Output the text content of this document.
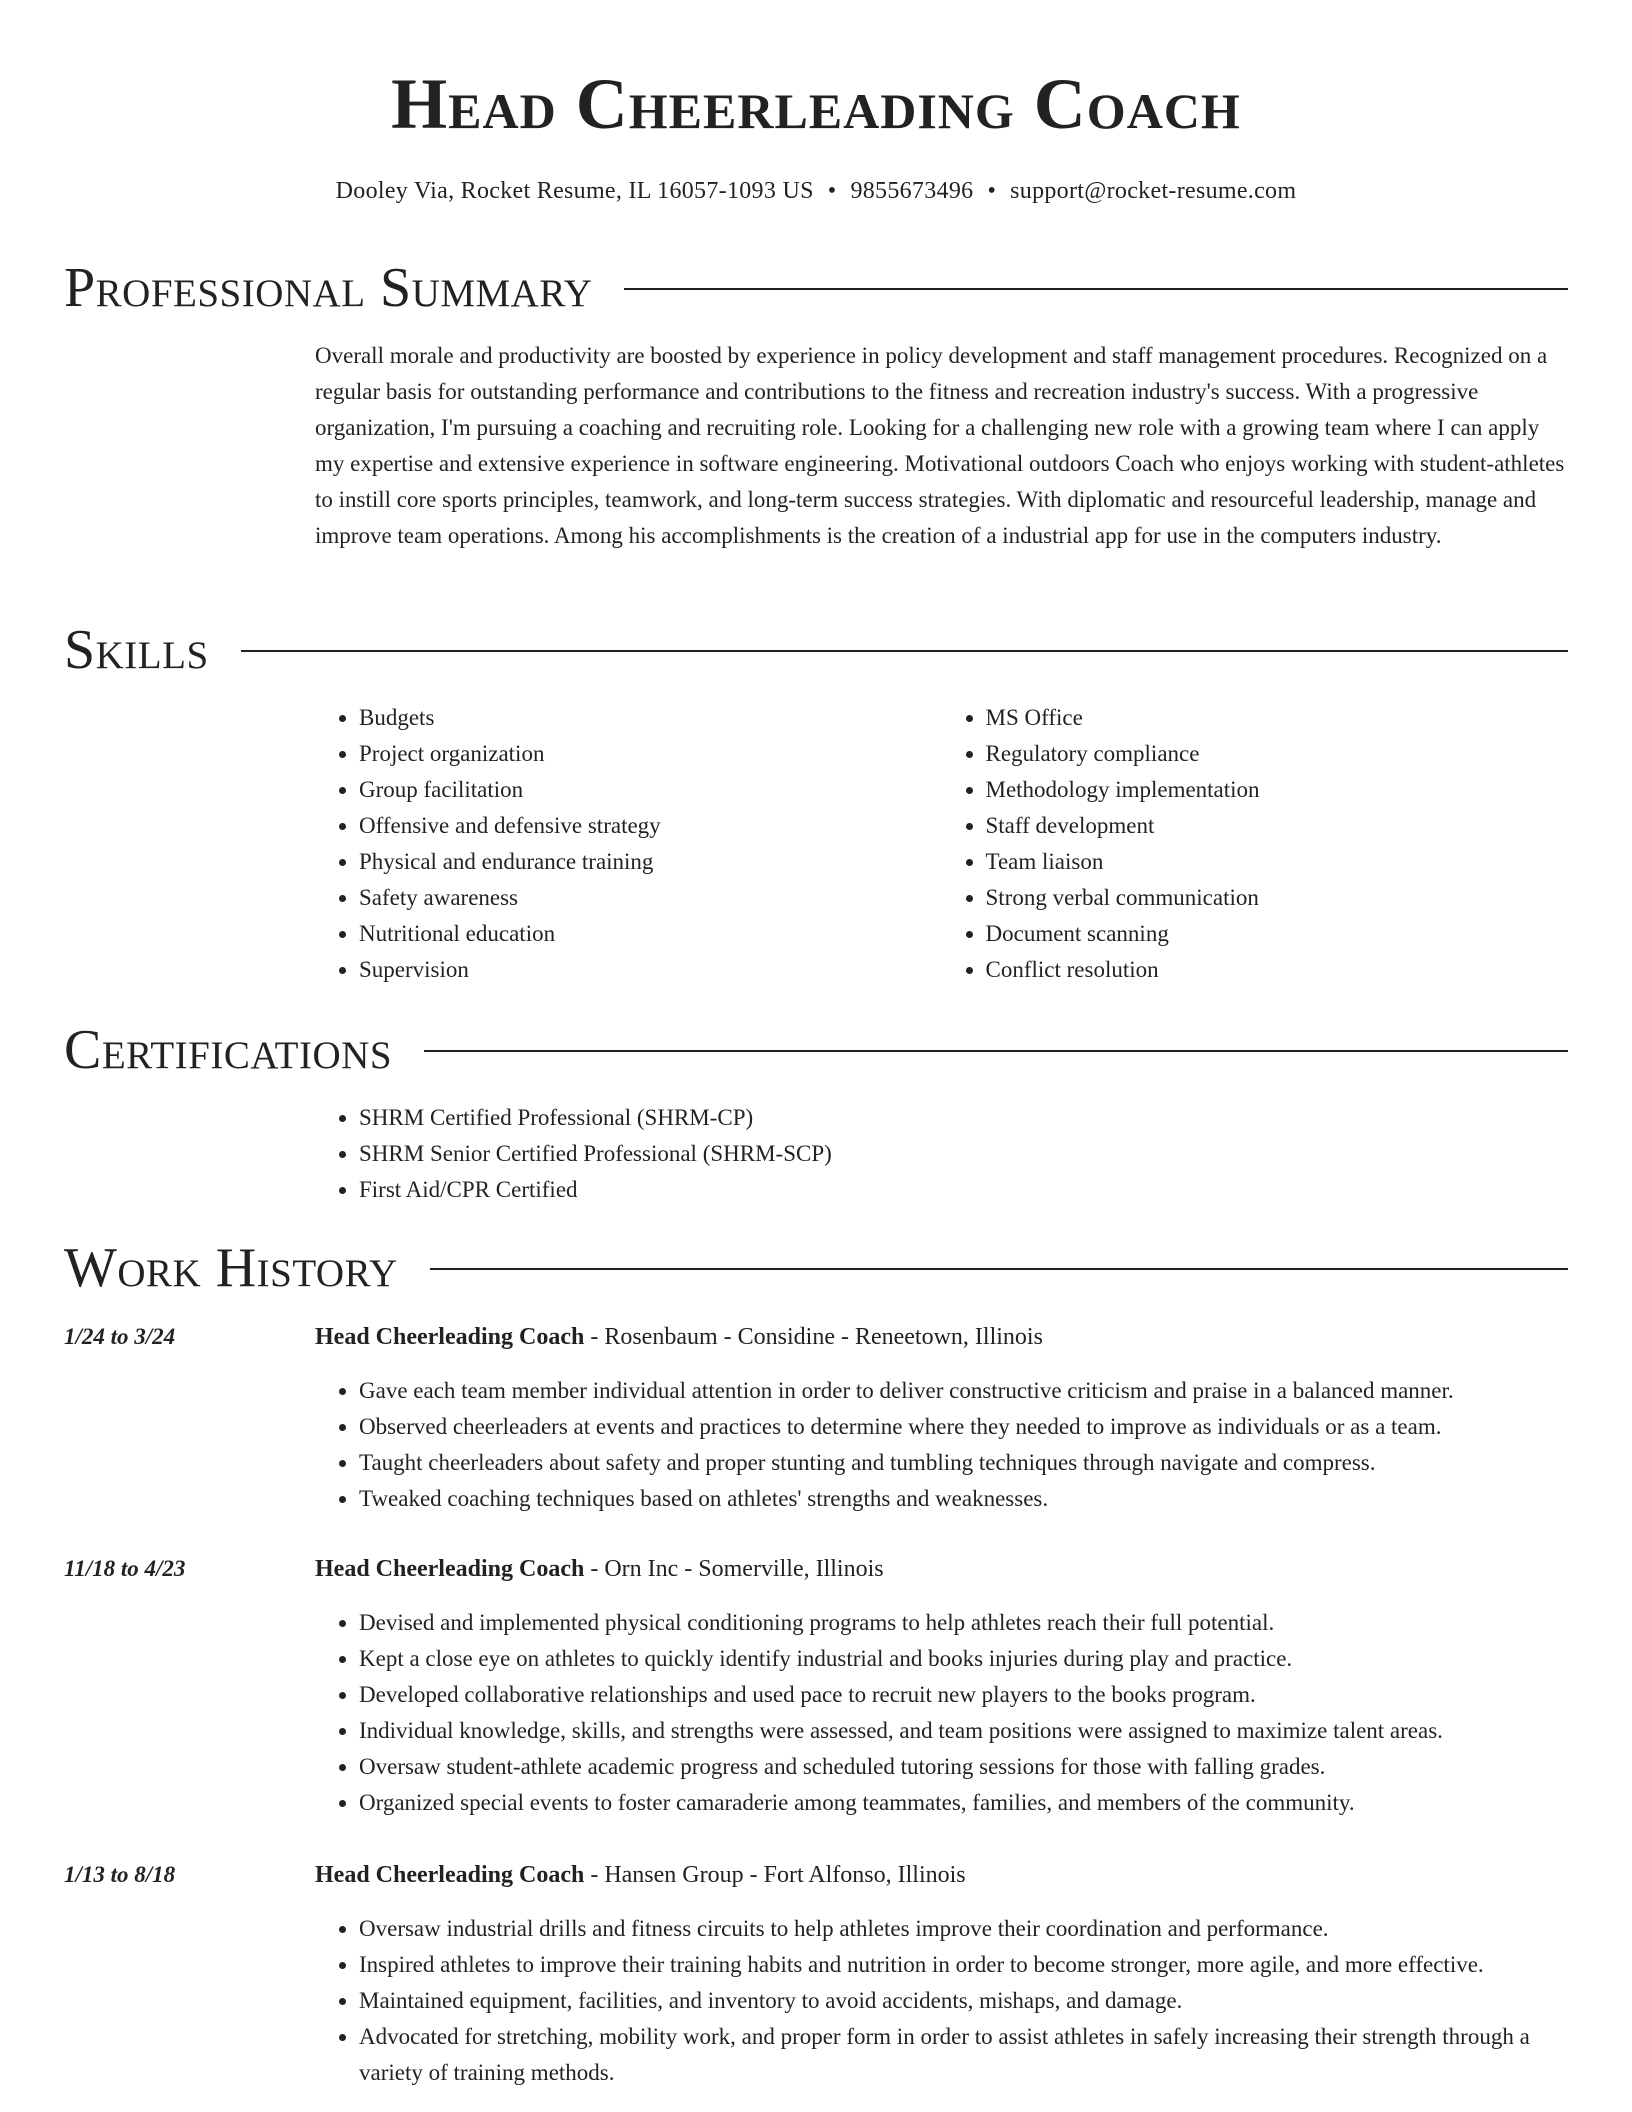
Head Cheerleading Coach
Dooley Via, Rocket Resume, IL 16057-1093 US • 9855673496 • support@rocket-resume.com
Professional Summary

Overall morale and productivity are boosted by experience in policy development and staff management procedures. Recognized on a regular basis for outstanding performance and contributions to the fitness and recreation industry's success. With a progressive organization, I'm pursuing a coaching and recruiting role. Looking for a challenging new role with a growing team where I can apply my expertise and extensive experience in software engineering. Motivational outdoors Coach who enjoys working with student-athletes to instill core sports principles, teamwork, and long-term success strategies. With diplomatic and resourceful leadership, manage and improve team operations. Among his accomplishments is the creation of a industrial app for use in the computers industry.

Skills
• Budgets
• Project organization
• Group facilitation
• Offensive and defensive strategy
• Physical and endurance training
• Safety awareness
• Nutritional education
• Supervision
• MS Office
• Regulatory compliance
• Methodology implementation
• Staff development
• Team liaison
• Strong verbal communication
• Document scanning
• Conflict resolution
Certifications
• SHRM Certified Professional (SHRM-CP)
• SHRM Senior Certified Professional (SHRM-SCP)
• First Aid/CPR Certified
Work History
1/24 to 3/24	Head Cheerleading Coach - Rosenbaum - Considine - Reneetown, Illinois
• Gave each team member individual attention in order to deliver constructive criticism and praise in a balanced manner.
• Observed cheerleaders at events and practices to determine where they needed to improve as individuals or as a team.
• Taught cheerleaders about safety and proper stunting and tumbling techniques through navigate and compress.
• Tweaked coaching techniques based on athletes' strengths and weaknesses.
11/18 to 4/23	Head Cheerleading Coach - Orn Inc - Somerville, Illinois
• Devised and implemented physical conditioning programs to help athletes reach their full potential.
• Kept a close eye on athletes to quickly identify industrial and books injuries during play and practice.
• Developed collaborative relationships and used pace to recruit new players to the books program.
• Individual knowledge, skills, and strengths were assessed, and team positions were assigned to maximize talent areas.
• Oversaw student-athlete academic progress and scheduled tutoring sessions for those with falling grades.
• Organized special events to foster camaraderie among teammates, families, and members of the community.
1/13 to 8/18	Head Cheerleading Coach - Hansen Group - Fort Alfonso, Illinois
• Oversaw industrial drills and fitness circuits to help athletes improve their coordination and performance.
• Inspired athletes to improve their training habits and nutrition in order to become stronger, more agile, and more effective.
• Maintained equipment, facilities, and inventory to avoid accidents, mishaps, and damage.
• Advocated for stretching, mobility work, and proper form in order to assist athletes in safely increasing their strength through a variety of training methods.
